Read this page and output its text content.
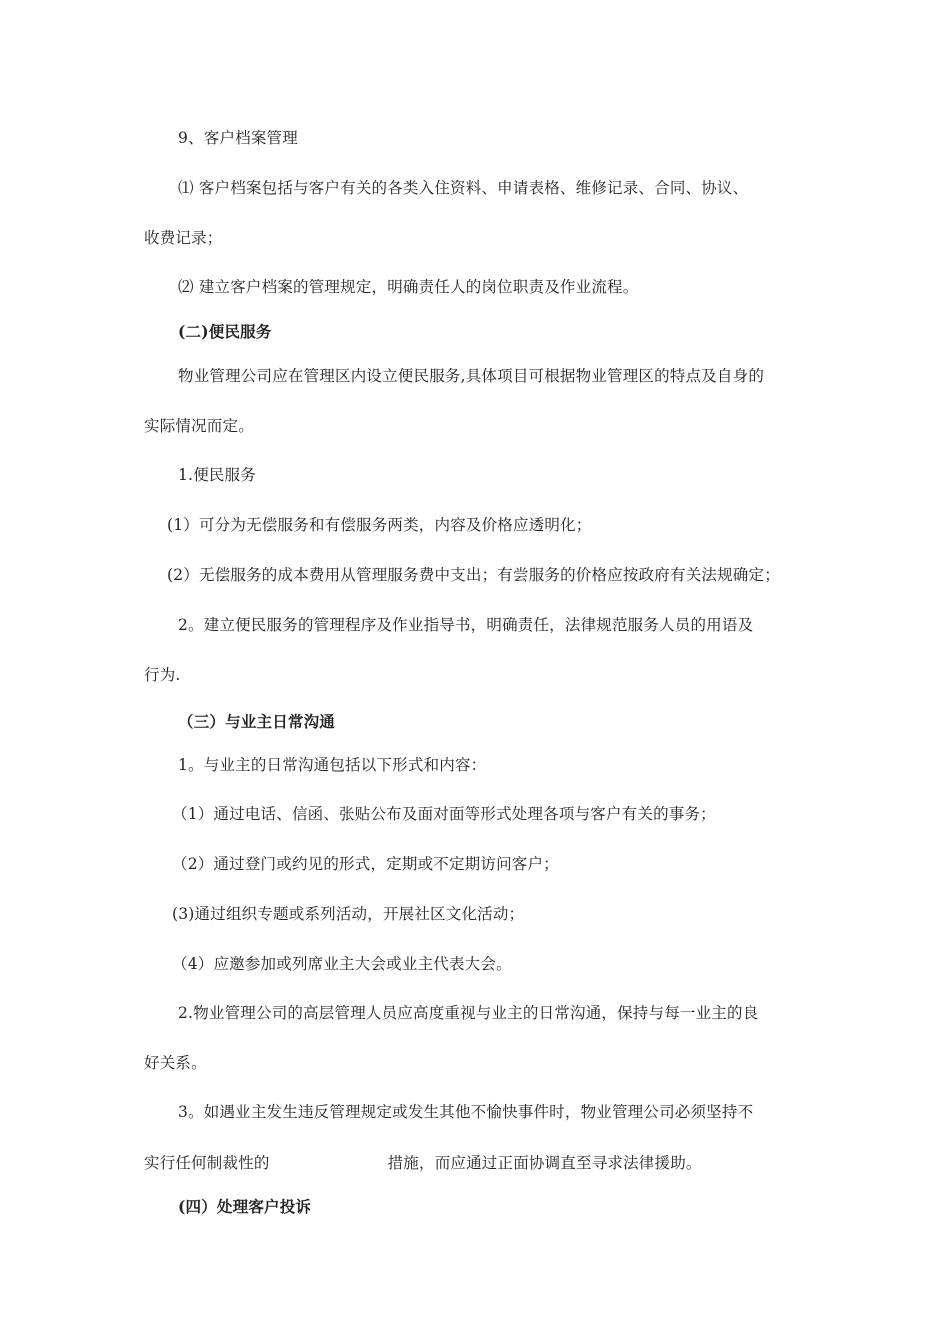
9、客户档案管理
⑴ 客户档案包括与客户有关的各类入住资料、申请表格、维修记录、合同、协议、
收费记录；
⑵ 建立客户档案的管理规定，明确责任人的岗位职责及作业流程。
(二)便民服务
物业管理公司应在管理区内设立便民服务,具体项目可根据物业管理区的特点及自身的
实际情况而定。
1.便民服务
(1）可分为无偿服务和有偿服务两类，内容及价格应透明化；
(2）无偿服务的成本费用从管理服务费中支出；有尝服务的价格应按政府有关法规确定；
2。建立便民服务的管理程序及作业指导书，明确责任，法律规范服务人员的用语及
行为.
（三）与业主日常沟通
1。与业主的日常沟通包括以下形式和内容：
（1）通过电话、信函、张贴公布及面对面等形式处理各项与客户有关的事务；
（2）通过登门或约见的形式，定期或不定期访问客户；
(3)通过组织专题或系列活动，开展社区文化活动；
（4）应邀参加或列席业主大会或业主代表大会。
2.物业管理公司的高层管理人员应高度重视与业主的日常沟通，保持与每一业主的良
好关系。
3。如遇业主发生违反管理规定或发生其他不愉快事件时，物业管理公司必须坚持不
实行任何制裁性的	措施，而应通过正面协调直至寻求法律援助。
(四）处理客户投诉
